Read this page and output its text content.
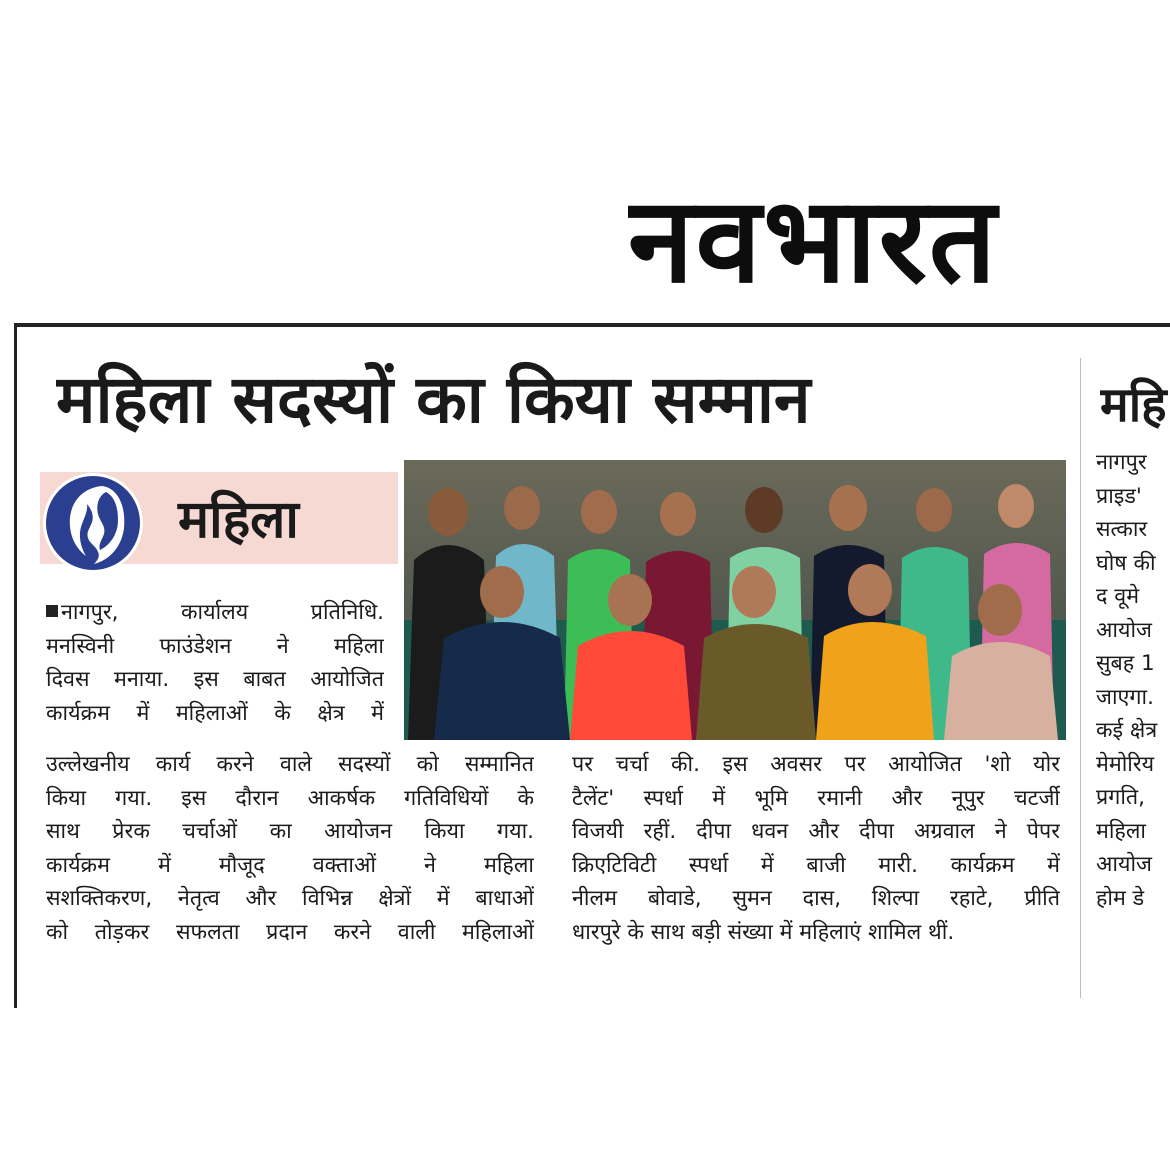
नवभारत
महिला सदस्यों का किया सम्मान
महिला

नागपुर, कार्यालय प्रतिनिधि.

मनस्विनी फाउंडेशन ने महिला

दिवस मनाया. इस बाबत आयोजित

कार्यक्रम में महिलाओं के क्षेत्र में

उल्लेखनीय कार्य करने वाले सदस्यों को सम्मानित

किया गया. इस दौरान आकर्षक गतिविधियों के

साथ प्रेरक चर्चाओं का आयोजन किया गया.

कार्यक्रम में मौजूद वक्ताओं ने महिला

सशक्तिकरण, नेतृत्व और विभिन्न क्षेत्रों में बाधाओं

को तोड़कर सफलता प्रदान करने वाली महिलाओं

पर चर्चा की. इस अवसर पर आयोजित 'शो योर

टैलेंट' स्पर्धा में भूमि रमानी और नूपुर चटर्जी

विजयी रहीं. दीपा धवन और दीपा अग्रवाल ने पेपर

क्रिएटिविटी स्पर्धा में बाजी मारी. कार्यक्रम में

नीलम बोवाडे, सुमन दास, शिल्पा रहाटे, प्रीति

धारपुरे के साथ बड़ी संख्या में महिलाएं शामिल थीं.

महि

नागपुर

प्राइड'

सत्कार

घोष की

द वूमे

आयोज

सुबह 1

जाएगा.

कई क्षेत्र

मेमोरिय

प्रगति,

महिला

आयोज

होम डे
